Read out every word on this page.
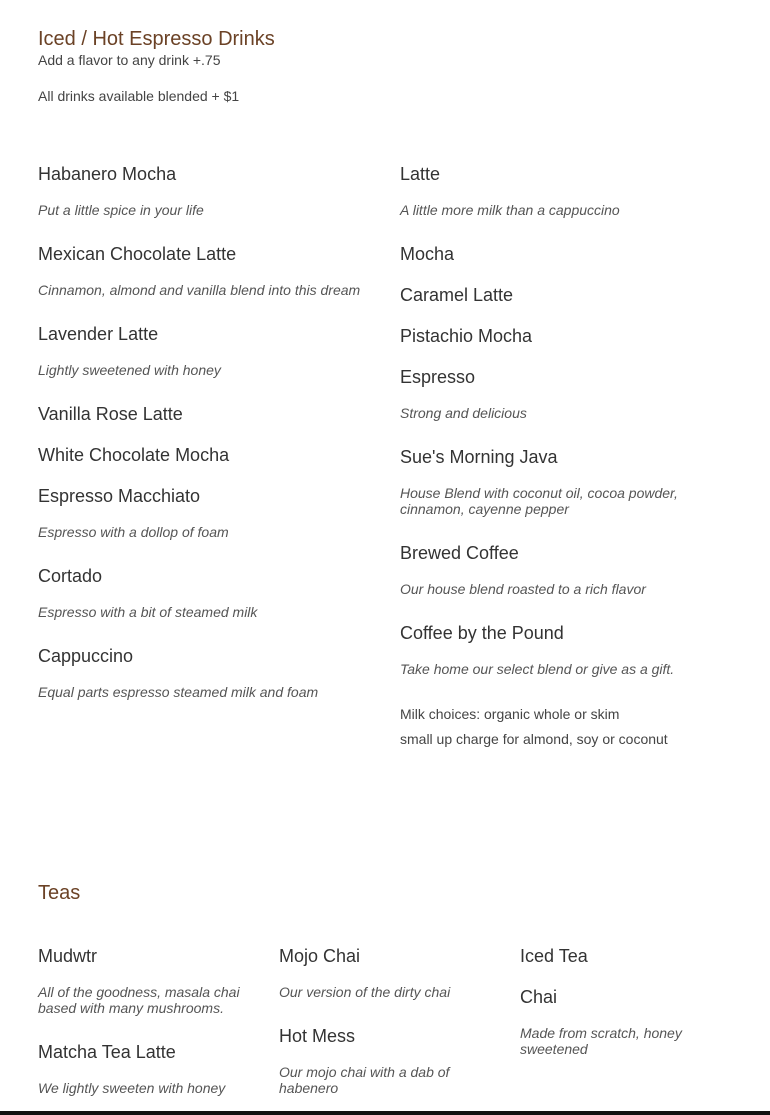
Iced / Hot Espresso Drinks

Add a flavor to any drink +.75

All drinks available blended + $1

Habanero Mocha

Put a little spice in your life

Mexican Chocolate Latte

Cinnamon, almond and vanilla blend into this dream

Lavender Latte

Lightly sweetened with honey

Vanilla Rose Latte

White Chocolate Mocha

Espresso Macchiato

Espresso with a dollop of foam

Cortado

Espresso with a bit of steamed milk

Cappuccino

Equal parts espresso steamed milk and foam

Latte

A little more milk than a cappuccino

Mocha

Caramel Latte

Pistachio Mocha

Espresso

Strong and delicious

Sue's Morning Java

House Blend with coconut oil, cocoa powder, cinnamon, cayenne pepper

Brewed Coffee

Our house blend roasted to a rich flavor

Coffee by the Pound

Take home our select blend or give as a gift.

Milk choices: organic whole or skim

small up charge for almond, soy or coconut

Teas

Mudwtr

All of the goodness, masala chai based with many mushrooms.

Matcha Tea Latte

We lightly sweeten with honey

Mojo Chai

Our version of the dirty chai

Hot Mess

Our mojo chai with a dab of habenero

Iced Tea

Chai

Made from scratch, honey sweetened
